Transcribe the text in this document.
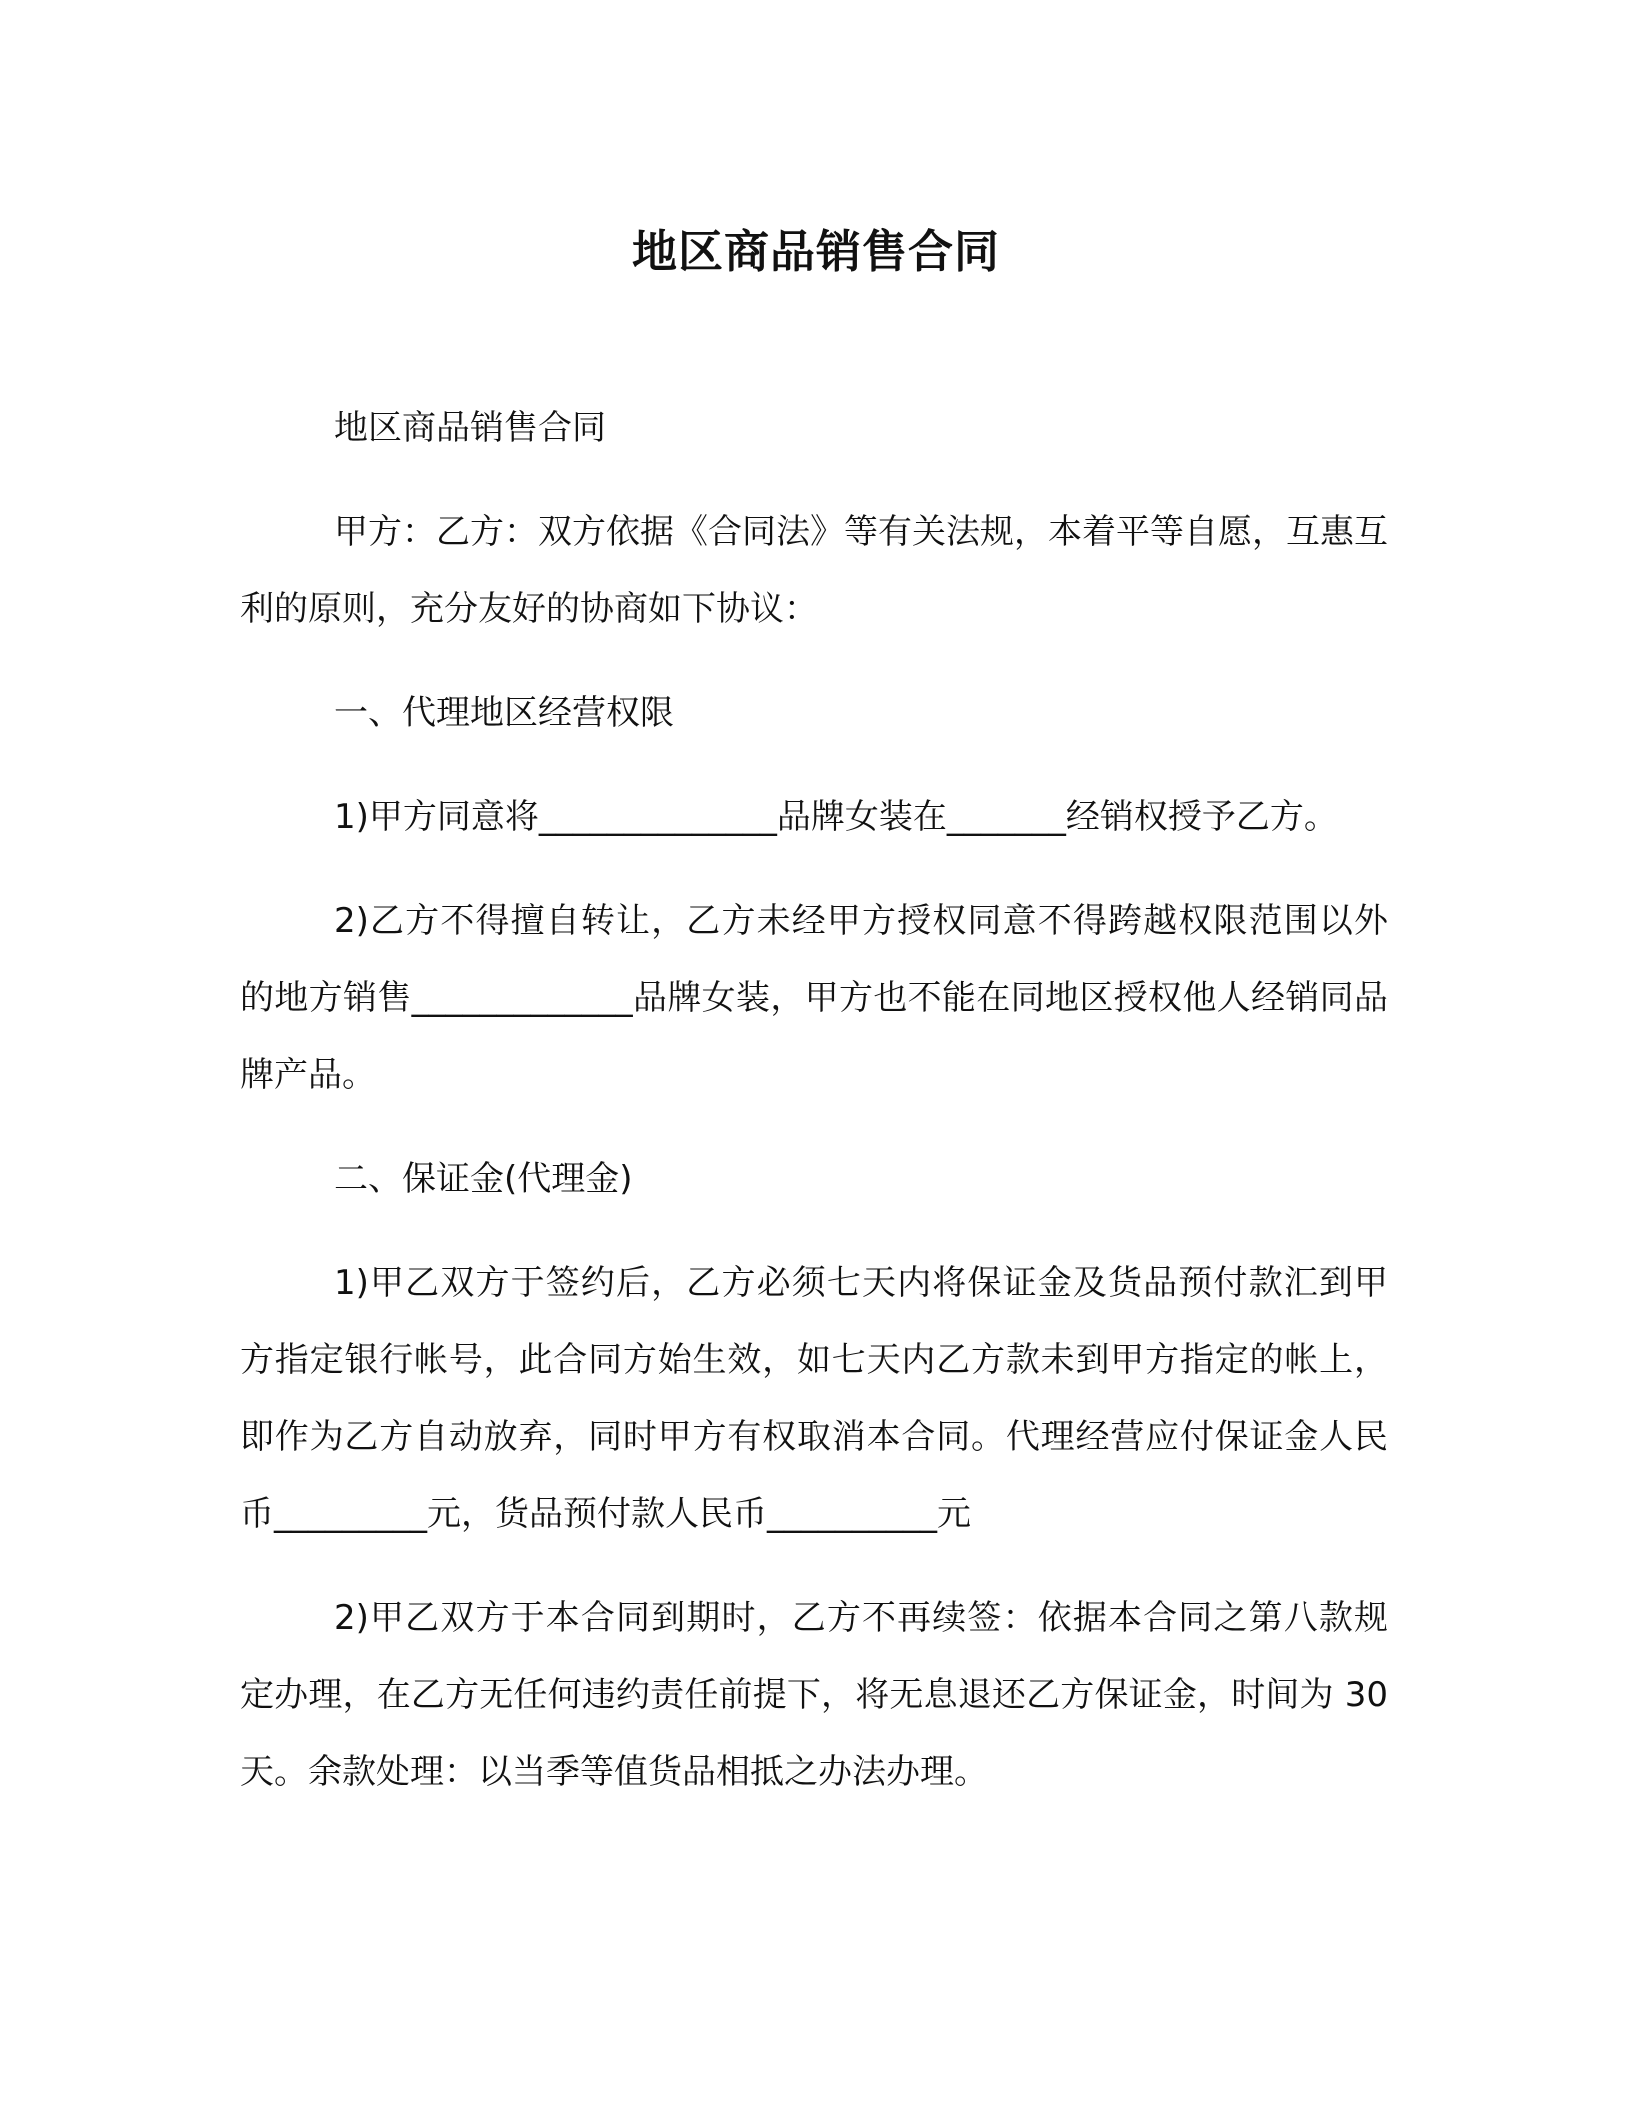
地区商品销售合同

地区商品销售合同

甲方：乙方：双方依据《合同法》等有关法规，本着平等自愿，互惠互利的原则，充分友好的协商如下协议：

一、代理地区经营权限

1)甲方同意将______________品牌女装在_______经销权授予乙方。

2)乙方不得擅自转让，乙方未经甲方授权同意不得跨越权限范围以外的地方销售_____________品牌女装，甲方也不能在同地区授权他人经销同品牌产品。

二、保证金(代理金)

1)甲乙双方于签约后，乙方必须七天内将保证金及货品预付款汇到甲方指定银行帐号，此合同方始生效，如七天内乙方款未到甲方指定的帐上，即作为乙方自动放弃，同时甲方有权取消本合同。代理经营应付保证金人民币_________元，货品预付款人民币__________元

2)甲乙双方于本合同到期时，乙方不再续签：依据本合同之第八款规定办理，在乙方无任何违约责任前提下，将无息退还乙方保证金，时间为 30 天。余款处理：以当季等值货品相抵之办法办理。
